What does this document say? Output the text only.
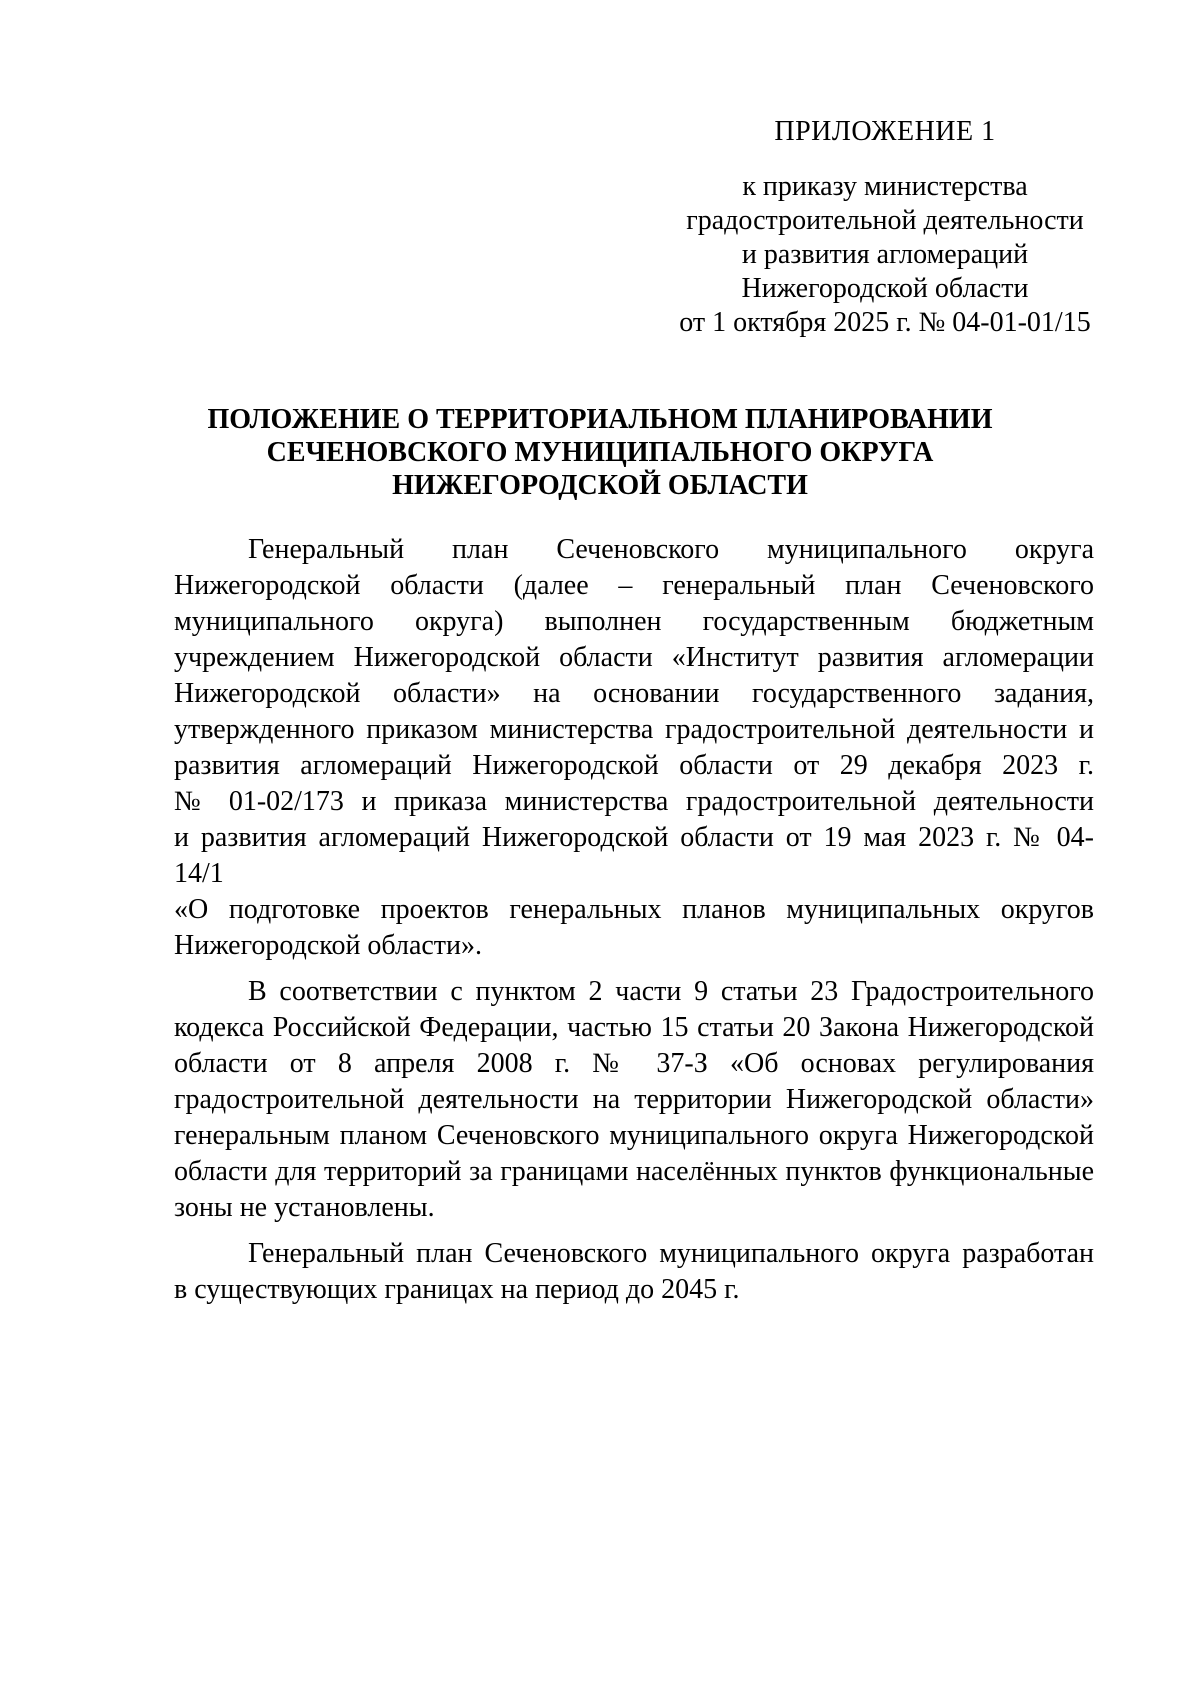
ПРИЛОЖЕНИЕ 1
к приказу министерства
градостроительной деятельности
и развития агломераций
Нижегородской области
от 1 октября 2025 г. № 04-01-01/15
ПОЛОЖЕНИЕ О ТЕРРИТОРИАЛЬНОМ ПЛАНИРОВАНИИ
СЕЧЕНОВСКОГО МУНИЦИПАЛЬНОГО ОКРУГА
НИЖЕГОРОДСКОЙ ОБЛАСТИ
Генеральный план Сеченовского муниципального округа
Нижегородской области (далее – генеральный план Сеченовского
муниципального округа) выполнен государственным бюджетным
учреждением Нижегородской области «Институт развития агломерации
Нижегородской области» на основании государственного задания,
утвержденного приказом министерства градостроительной деятельности и
развития агломераций Нижегородской области от 29 декабря 2023 г.
№ 01-02/173 и приказа министерства градостроительной деятельности
и развития агломераций Нижегородской области от 19 мая 2023 г. № 04-
14/1
«О подготовке проектов генеральных планов муниципальных округов
Нижегородской области».
В соответствии с пунктом 2 части 9 статьи 23 Градостроительного
кодекса Российской Федерации, частью 15 статьи 20 Закона Нижегородской
области от 8 апреля 2008 г. № 37-З «Об основах регулирования
градостроительной деятельности на территории Нижегородской области»
генеральным планом Сеченовского муниципального округа Нижегородской
области для территорий за границами населённых пунктов функциональные
зоны не установлены.
Генеральный план Сеченовского муниципального округа разработан
в существующих границах на период до 2045 г.
